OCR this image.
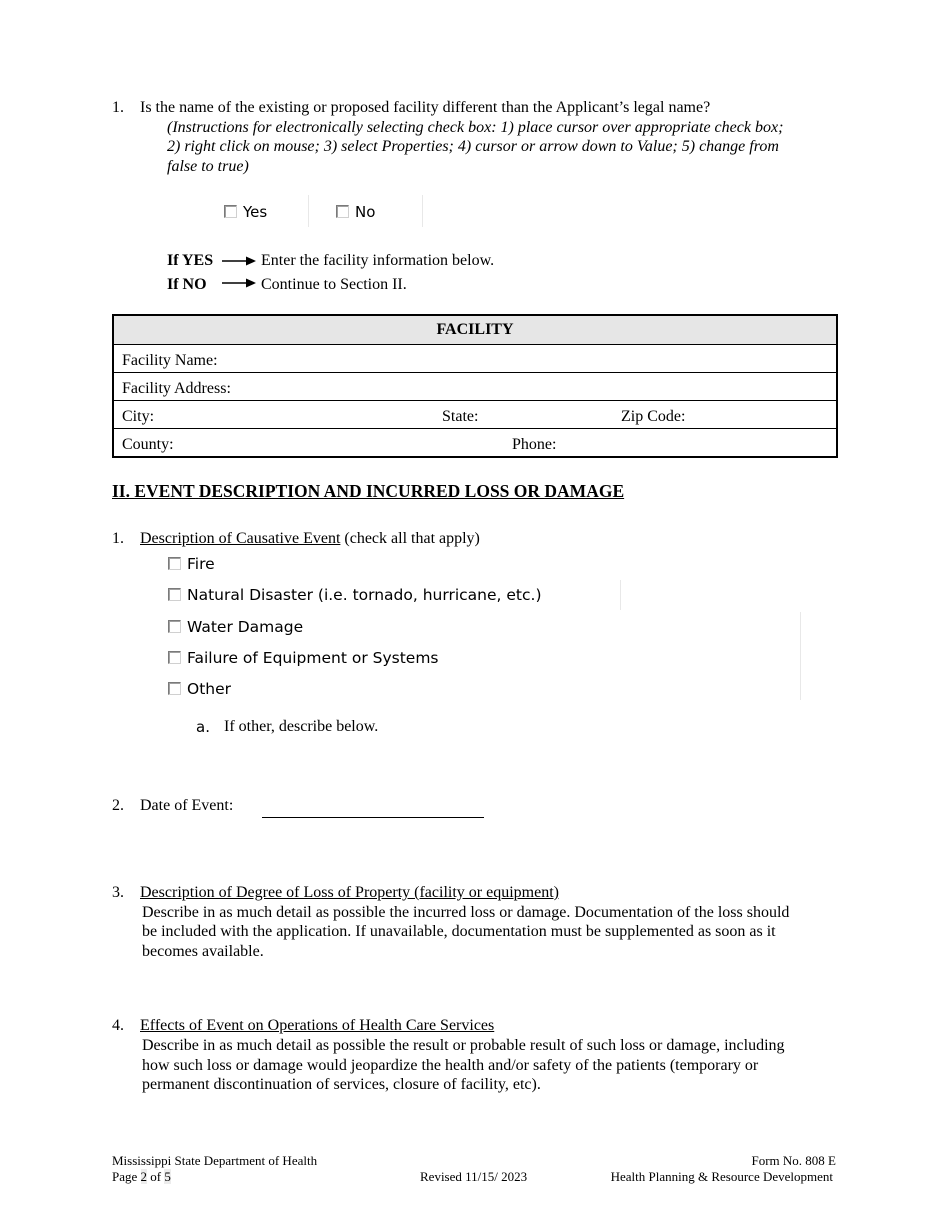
1. Is the name of the existing or proposed facility different than the Applicant’s legal name?
(Instructions for electronically selecting check box: 1) place cursor over appropriate check box;
2) right click on mouse; 3) select Properties; 4) cursor or arrow down to Value; 5) change from
false to true)
Yes	No
If YES	Enter the facility information below.
If NO	Continue to Section II.
FACILITY

Facility Name:

Facility Address:

City:	State:	Zip Code:

County:	Phone:
II. EVENT DESCRIPTION AND INCURRED LOSS OR DAMAGE
1. Description of Causative Event (check all that apply)
Fire
Natural Disaster (i.e. tornado, hurricane, etc.)
Water Damage
Failure of Equipment or Systems
Other
a. If other, describe below.
2. Date of Event:
3. Description of Degree of Loss of Property (facility or equipment)
Describe in as much detail as possible the incurred loss or damage. Documentation of the loss should
be included with the application. If unavailable, documentation must be supplemented as soon as it
becomes available.
4. Effects of Event on Operations of Health Care Services
Describe in as much detail as possible the result or probable result of such loss or damage, including
how such loss or damage would jeopardize the health and/or safety of the patients (temporary or
permanent discontinuation of services, closure of facility, etc).
Mississippi State Department of Health
Page 2 of 5	Revised 11/15/ 2023
Form No. 808 E
Health Planning & Resource Development
